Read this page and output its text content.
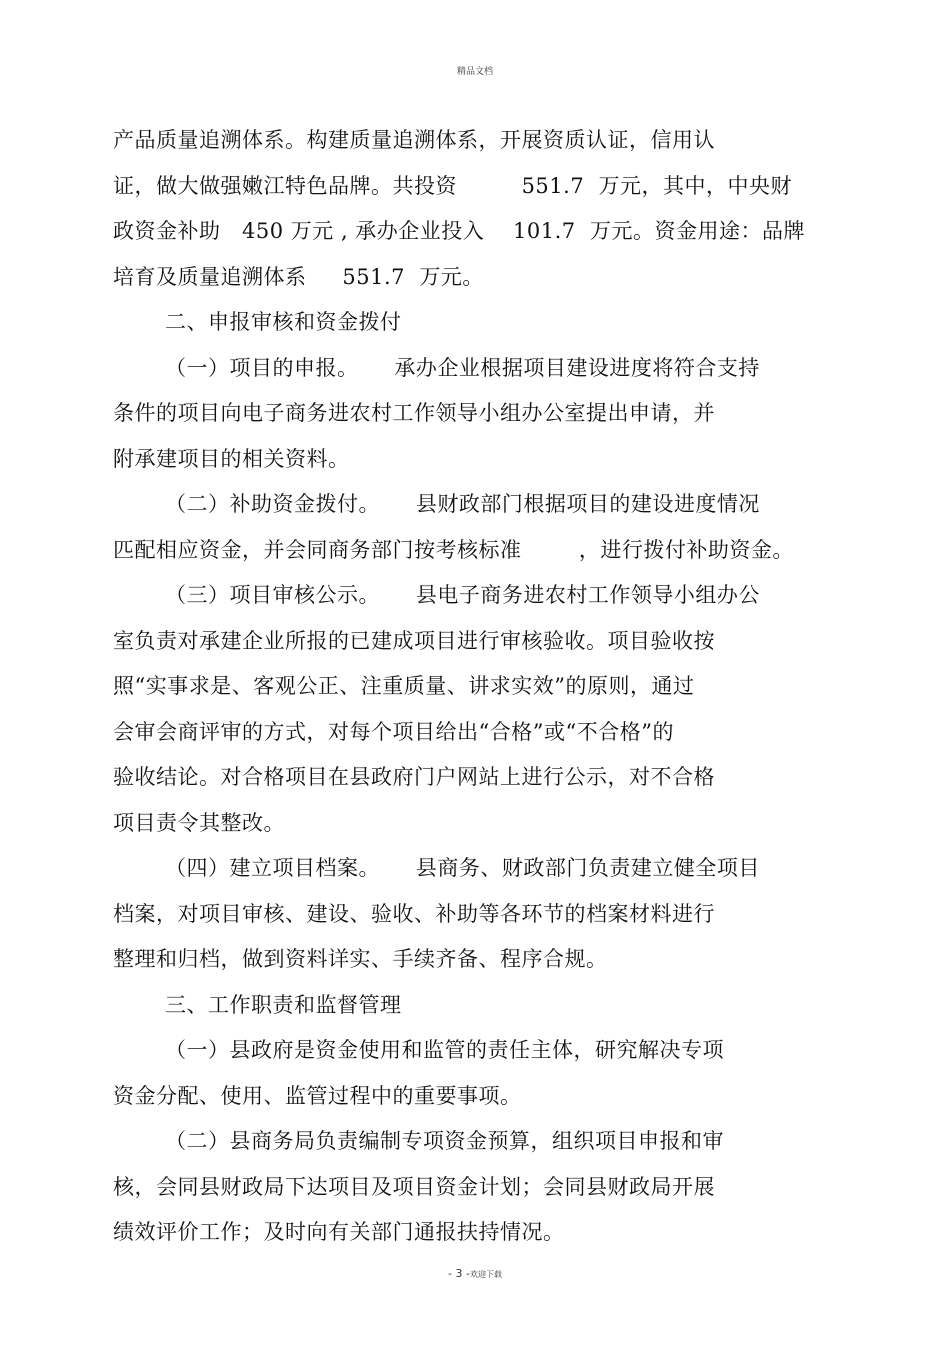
精品文档
产品质量追溯体系。构建质量追溯体系，开展资质认证，信用认
证，做大做强嫩江特色品牌。共投资         551.7  万元，其中，中央财
政资金补助   450 万元 , 承办企业投入    101.7  万元。资金用途：品牌
培育及质量追溯体系     551.7  万元。
二、申报审核和资金拨付
（一）项目的申报。     承办企业根据项目建设进度将符合支持
条件的项目向电子商务进农村工作领导小组办公室提出申请，并
附承建项目的相关资料。
（二）补助资金拨付。     县财政部门根据项目的建设进度情况
匹配相应资金，并会同商务部门按考核标准        ，进行拨付补助资金。
（三）项目审核公示。     县电子商务进农村工作领导小组办公
室负责对承建企业所报的已建成项目进行审核验收。项目验收按
照“实事求是、客观公正、注重质量、讲求实效”的原则，通过
会审会商评审的方式，对每个项目给出“合格”或“不合格”的
验收结论。对合格项目在县政府门户网站上进行公示，对不合格
项目责令其整改。
（四）建立项目档案。     县商务、财政部门负责建立健全项目
档案，对项目审核、建设、验收、补助等各环节的档案材料进行
整理和归档，做到资料详实、手续齐备、程序合规。
三、工作职责和监督管理
（一）县政府是资金使用和监管的责任主体，研究解决专项
资金分配、使用、监管过程中的重要事项。
（二）县商务局负责编制专项资金预算，组织项目申报和审
核，会同县财政局下达项目及项目资金计划；会同县财政局开展
绩效评价工作；及时向有关部门通报扶持情况。
- 3 -欢迎下载
